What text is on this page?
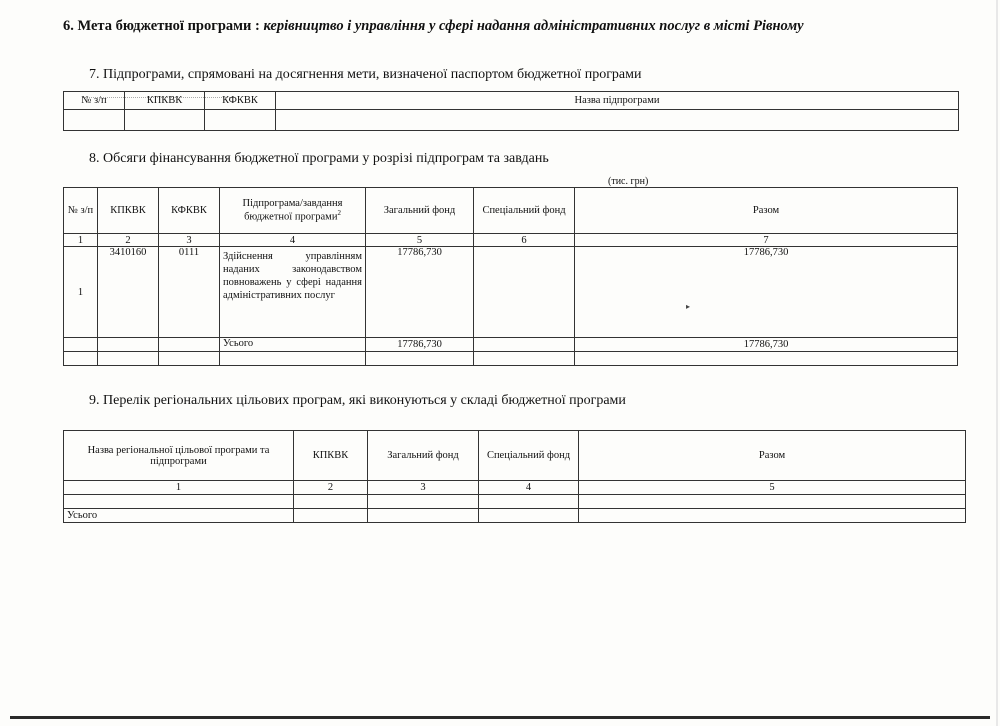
6. Мета бюджетної програми : керівництво і управління у сфері надання адміністративних послуг в місті Рівному
7. Підпрограми, спрямовані на досягнення мети, визначеної паспортом бюджетної програми
№ з/п	КПКВК	КФКВК	Назва підпрограми

8. Обсяги фінансування бюджетної програми у розрізі підпрограм та завдань
(тис. грн)
№ з/п	КПКВК	КФКВК	Підпрограма/завдання бюджетної програми$^2$	Загальний фонд	Спеціальний фонд	Разом
1	2	3	4	5	6	7
1	3410160	0111	Здійснення управлінням наданих законодавством повноважень у сфері надання адміністративних послуг	17786,730		17786,730
			Усього	17786,730		17786,730

▸
9. Перелік регіональних цільових програм, які виконуються у складі бюджетної програми
Назва регіональної цільової програми та підпрограми	КПКВК	Загальний фонд	Спеціальний фонд	Разом
1	2	3	4	5

Усього				
